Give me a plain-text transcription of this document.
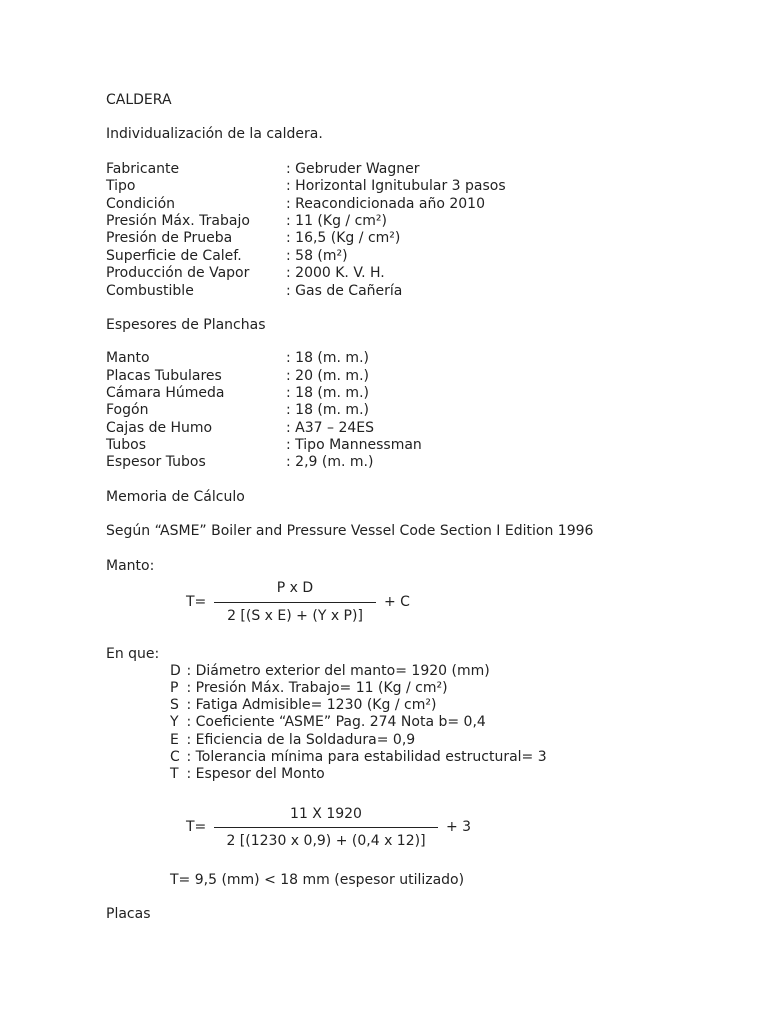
CALDERA
Individualización de la caldera.
Fabricante	: Gebruder Wagner
Tipo	: Horizontal Ignitubular 3 pasos
Condición	: Reacondicionada año 2010
Presión Máx. Trabajo	: 11 (Kg / cm²)
Presión de Prueba	: 16,5 (Kg / cm²)
Superficie de Calef.	: 58 (m²)
Producción de Vapor	: 2000 K. V. H.
Combustible	: Gas de Cañería
Espesores de Planchas
Manto	: 18 (m. m.)
Placas Tubulares	: 20 (m. m.)
Cámara Húmeda	: 18 (m. m.)
Fogón	: 18 (m. m.)
Cajas de Humo	: A37 – 24ES
Tubos	: Tipo Mannessman
Espesor Tubos	: 2,9 (m. m.)
Memoria de Cálculo
Según “ASME” Boiler and Pressure Vessel Code Section I Edition 1996
Manto:
T=
P x D
2 [(S x E) + (Y x P)]
+ C
En que:
D : Diámetro exterior del manto= 1920 (mm)
P : Presión Máx. Trabajo= 11 (Kg / cm²)
S : Fatiga Admisible= 1230 (Kg / cm²)
Y : Coeficiente “ASME” Pag. 274 Nota b= 0,4
E : Eficiencia de la Soldadura= 0,9
C : Tolerancia mínima para estabilidad estructural= 3
T : Espesor del Monto
T=
11 X 1920
2 [(1230 x 0,9) + (0,4 x 12)]
+ 3
T= 9,5 (mm) < 18 mm (espesor utilizado)
Placas
